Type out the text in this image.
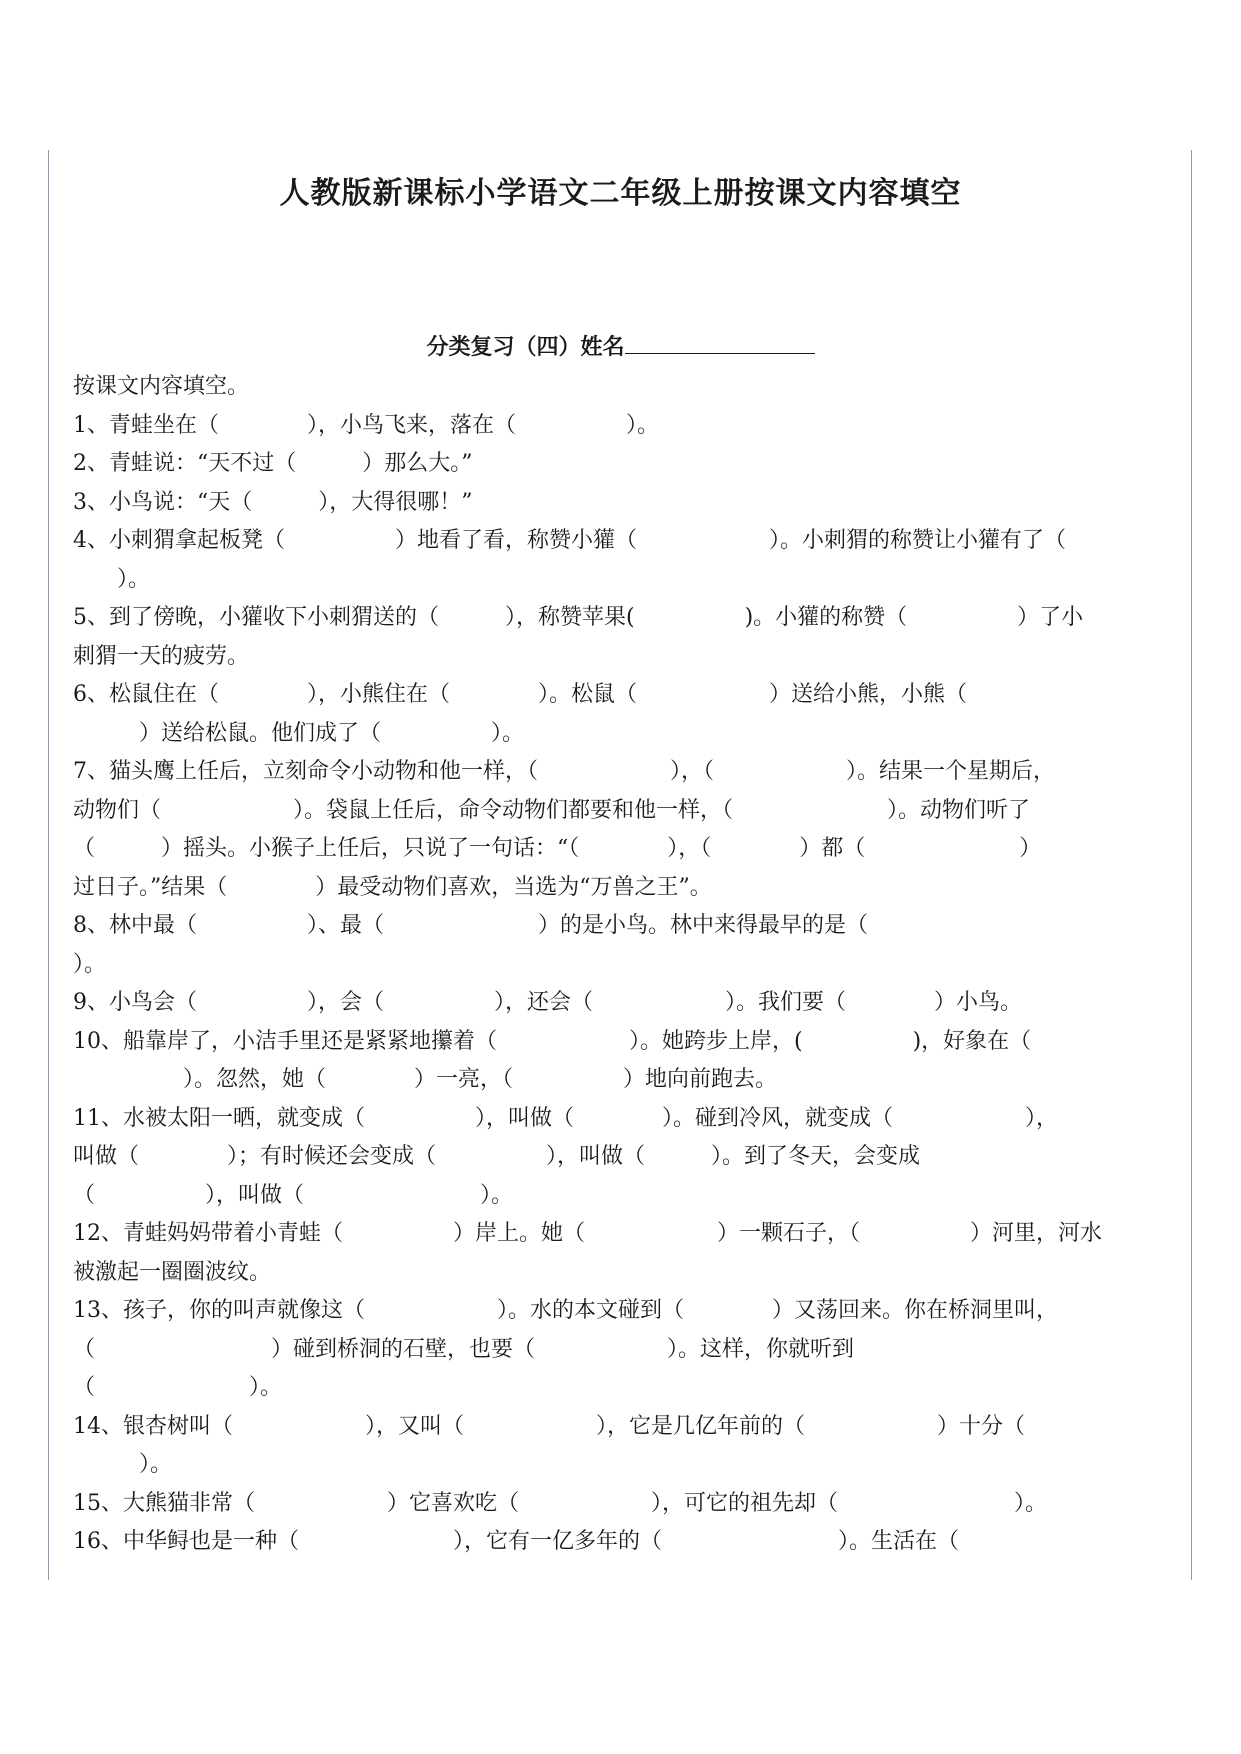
人教版新课标小学语文二年级上册按课文内容填空
分类复习（四）姓名
按课文内容填空。
1、青蛙坐在（　　　　），小鸟飞来，落在（　　　　　）。
2、青蛙说：“天不过（　　　）那么大。”
3、小鸟说：“天（　　　），大得很哪！”
4、小刺猬拿起板凳（　　　　　）地看了看，称赞小獾（　　　　　　）。小刺猬的称赞让小獾有了（
　　）。
5、到了傍晚，小獾收下小刺猬送的（　　　），称赞苹果(　　　　　)。小獾的称赞（　　　　　）了小
刺猬一天的疲劳。
6、松鼠住在（　　　　），小熊住在（　　　　）。松鼠（　　　　　　）送给小熊，小熊（
　　　）送给松鼠。他们成了（　　　　　）。
7、猫头鹰上任后，立刻命令小动物和他一样，（　　　　　　），（　　　　　　）。结果一个星期后，
动物们（　　　　　　）。袋鼠上任后，命令动物们都要和他一样，（　　　　　　　）。动物们听了
（　　　）摇头。小猴子上任后，只说了一句话：“（　　　　），（　　　　）都（　　　　　　　）
过日子。”结果（　　　　）最受动物们喜欢，当选为“万兽之王”。
8、林中最（　　　　　）、最（　　　　　　　）的是小鸟。林中来得最早的是（
）。
9、小鸟会（　　　　　），会（　　　　　），还会（　　　　　　）。我们要（　　　　）小鸟。
10、船靠岸了，小洁手里还是紧紧地攥着（　　　　　　）。她跨步上岸，(　　　　　)，好象在（
　　　　　）。忽然，她（　　　　）一亮，（　　　　　）地向前跑去。
11、水被太阳一晒，就变成（　　　　　），叫做（　　　　）。碰到冷风，就变成（　　　　　　），
叫做（　　　　）；有时候还会变成（　　　　　），叫做（　　　）。到了冬天，会变成
（　　　　　），叫做（　　　　　　　　）。
12、青蛙妈妈带着小青蛙（　　　　　）岸上。她（　　　　　　）一颗石子，（　　　　　）河里，河水
被激起一圈圈波纹。
13、孩子，你的叫声就像这（　　　　　　）。水的本文碰到（　　　　）又荡回来。你在桥洞里叫，
（　　　　　　　　）碰到桥洞的石壁，也要（　　　　　　）。这样，你就听到
（　　　　　　　）。
14、银杏树叫（　　　　　　），又叫（　　　　　　），它是几亿年前的（　　　　　　）十分（
　　　）。
15、大熊猫非常（　　　　　　）它喜欢吃（　　　　　　），可它的祖先却（　　　　　　　　）。
16、中华鲟也是一种（　　　　　　　），它有一亿多年的（　　　　　　　　）。生活在（
